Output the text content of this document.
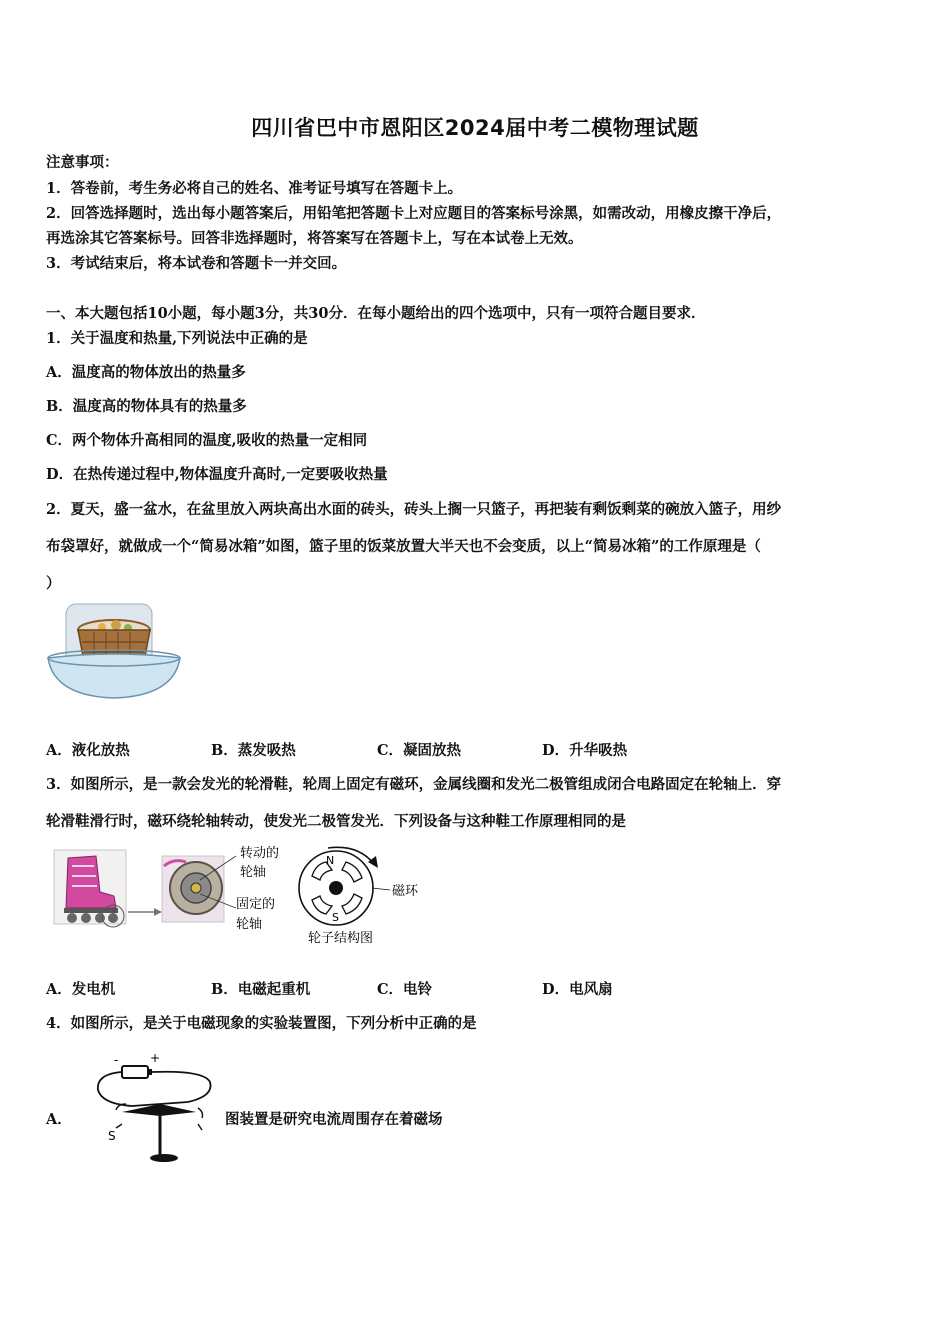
四川省巴中市恩阳区2024届中考二模物理试题
注意事项：
1．答卷前，考生务必将自己的姓名、准考证号填写在答题卡上。
2．回答选择题时，选出每小题答案后，用铅笔把答题卡上对应题目的答案标号涂黑，如需改动，用橡皮擦干净后，
再选涂其它答案标号。回答非选择题时，将答案写在答题卡上，写在本试卷上无效。
3．考试结束后，将本试卷和答题卡一并交回。
一、本大题包括10小题，每小题3分，共30分．在每小题给出的四个选项中，只有一项符合题目要求．
1．关于温度和热量,下列说法中正确的是
A．温度高的物体放出的热量多
B．温度高的物体具有的热量多
C．两个物体升高相同的温度,吸收的热量一定相同
D．在热传递过程中,物体温度升高时,一定要吸收热量
2．夏天，盛一盆水，在盆里放入两块高出水面的砖头，砖头上搁一只篮子，再把装有剩饭剩菜的碗放入篮子，用纱
布袋罩好，就做成一个“简易冰箱”如图，篮子里的饭菜放置大半天也不会变质，以上“简易冰箱”的工作原理是（
）
A．液化放热	B．蒸发吸热	C．凝固放热	D．升华吸热
3．如图所示，是一款会发光的轮滑鞋，轮周上固定有磁环，金属线圈和发光二极管组成闭合电路固定在轮轴上．穿
轮滑鞋滑行时，磁环绕轮轴转动，使发光二极管发光．下列设备与这种鞋工作原理相同的是
转动的
轮轴
固定的
轮轴
N
S
磁环
轮子结构图
A．发电机	B．电磁起重机	C．电铃	D．电风扇
4．如图所示，是关于电磁现象的实验装置图，下列分析中正确的是
A．
-	+
S
图装置是研究电流周围存在着磁场
